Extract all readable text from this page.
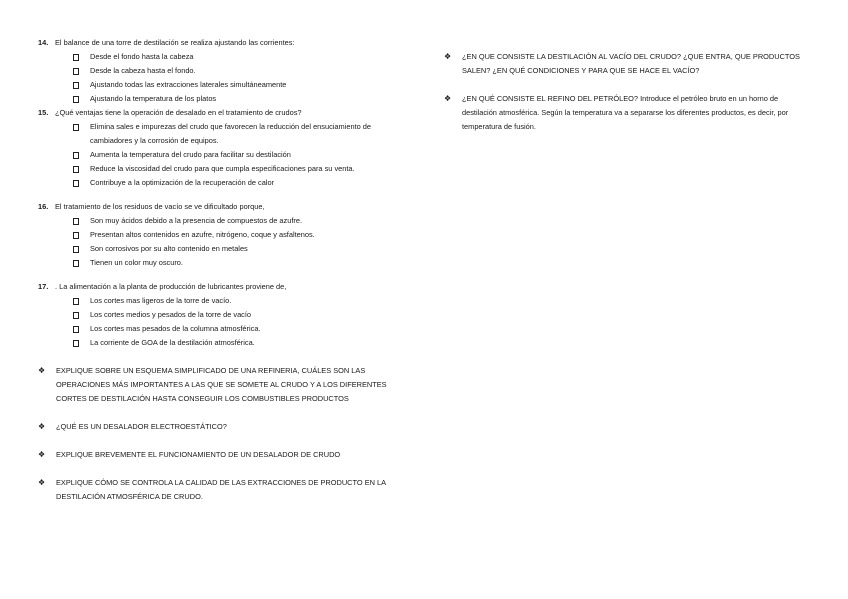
14. El balance de una torre de destilación se realiza ajustando las corrientes:
Desde el fondo hasta la cabeza
Desde la cabeza hasta el fondo.
Ajustando todas las extracciones laterales simultáneamente
Ajustando la temperatura de los platos
15. ¿Qué ventajas tiene la operación de desalado en el tratamiento de crudos?
Elimina sales e impurezas del crudo que favorecen la reducción del ensuciamiento de cambiadores y la corrosión de equipos.
Aumenta la temperatura del crudo para facilitar su destilación
Reduce la viscosidad del crudo para que cumpla especificaciones para su venta.
Contribuye a la optimización de la recuperación de calor
16. El tratamiento de los residuos de vacío se ve dificultado porque,
Son muy ácidos debido a la presencia de compuestos de azufre.
Presentan altos contenidos en azufre, nitrógeno, coque y asfaltenos.
Son corrosivos por su alto contenido en metales
Tienen un color muy oscuro.
17. . La alimentación a la planta de producción de lubricantes proviene de,
Los cortes mas ligeros de la torre de vacío.
Los cortes medios y pesados de la torre de vacío
Los cortes mas pesados de la columna atmosférica.
La corriente de GOA de la destilación atmosférica.
❖	EXPLIQUE SOBRE UN ESQUEMA SIMPLIFICADO DE UNA REFINERIA, CUÁLES SON LAS OPERACIONES MÁS IMPORTANTES A LAS QUE SE SOMETE AL CRUDO Y A LOS DIFERENTES CORTES DE DESTILACIÓN HASTA CONSEGUIR LOS COMBUSTIBLES PRODUCTOS
❖	¿QUÉ ES UN DESALADOR ELECTROESTÁTICO?
❖	EXPLIQUE BREVEMENTE EL FUNCIONAMIENTO DE UN DESALADOR DE CRUDO
❖	EXPLIQUE CÓMO SE CONTROLA LA CALIDAD DE LAS EXTRACCIONES DE PRODUCTO EN LA DESTILACIÓN ATMOSFÉRICA DE CRUDO.
❖	¿EN QUE CONSISTE LA DESTILACIÓN AL VACÍO DEL CRUDO? ¿QUE ENTRA, QUE PRODUCTOS SALEN? ¿EN QUÉ CONDICIONES Y PARA QUE SE HACE EL VACÍO?
❖	¿EN QUÉ CONSISTE EL REFINO DEL PETRÓLEO? Introduce el petróleo bruto en un horno de destilación atmosférica. Según la temperatura va a separarse los diferentes productos, es decir, por temperatura de fusión.
